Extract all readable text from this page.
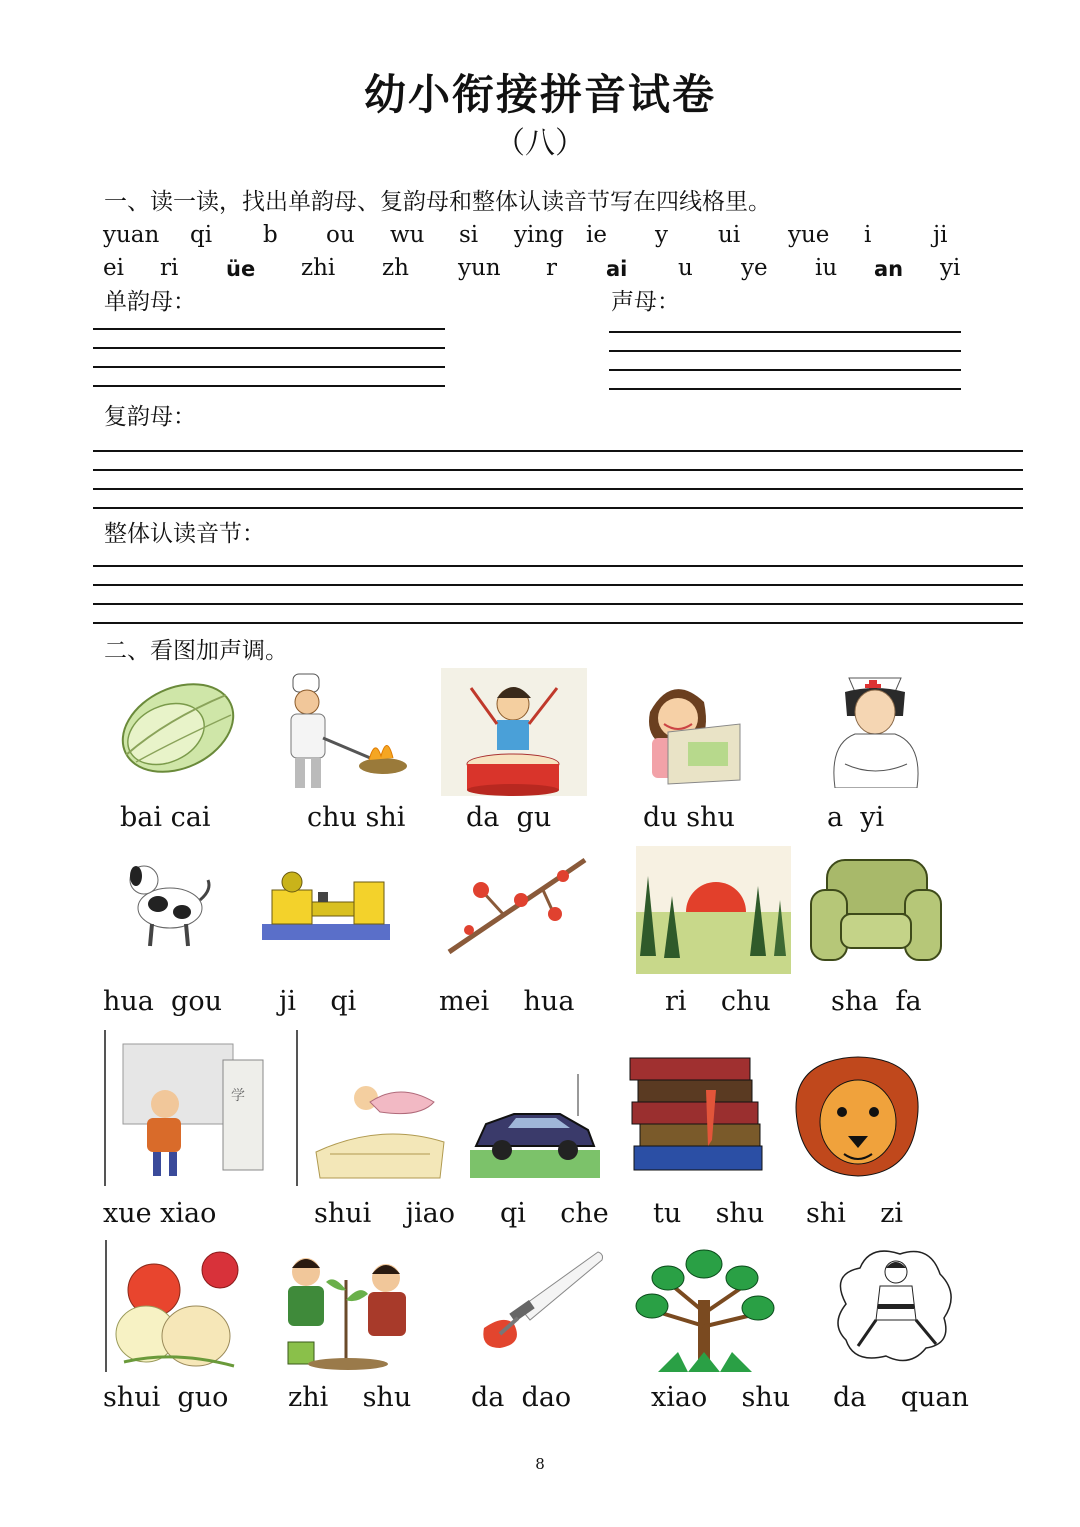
幼小衔接拼音试卷
（八）
一、读一读，找出单韵母、复韵母和整体认读音节写在四线格里。
yuan qi b ou wu si ying ie y ui yue i	ji
ei ri üe zhi zh yun r ai u ye iu an yi
单韵母：	声母：
复韵母：
整体认读音节：
二、看图加声调。
bai cai	chu shi da  gu	du shu	a  yi
hua  gou ji    qi	mei    hua	ri    chu sha  fa
学
xue xiao	shui    jiao qi    che tu    shu shi    zi
shui  guo zhi    shu da  dao	xiao    shu da    quan
8
